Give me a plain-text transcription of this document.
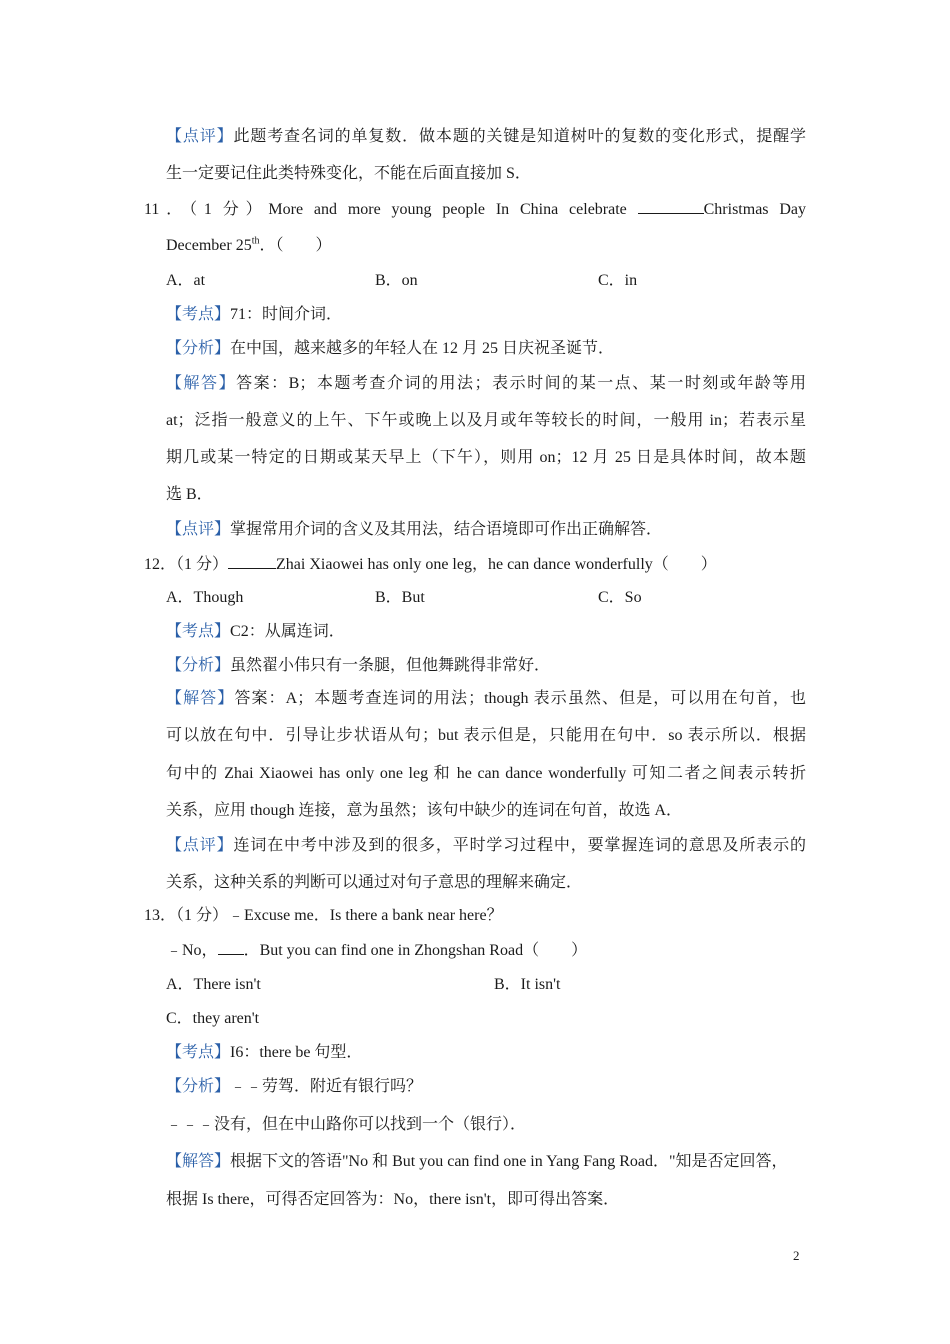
【点评】此题考查名词的单复数．做本题的关键是知道树叶的复数的变化形式，提醒学
生一定要记住此类特殊变化，不能在后面直接加 S．
11．（1 分）More and more young people In China celebrate	Christmas Day
December 25th．（　　）
A．at	B．on	C．in
【考点】71：时间介词．
【分析】在中国，越来越多的年轻人在 12 月 25 日庆祝圣诞节．
【解答】答案：B；本题考查介词的用法；表示时间的某一点、某一时刻或年龄等用
at；泛指一般意义的上午、下午或晚上以及月或年等较长的时间，一般用 in；若表示星
期几或某一特定的日期或某天早上（下午），则用 on；12 月 25 日是具体时间，故本题
选 B．
【点评】掌握常用介词的含义及其用法，结合语境即可作出正确解答．
12．（1 分）	Zhai Xiaowei has only one leg，he can dance wonderfully（　　）
A．Though	B．But	C．So
【考点】C2：从属连词．
【分析】虽然翟小伟只有一条腿，但他舞跳得非常好．
【解答】答案：A；本题考查连词的用法；though 表示虽然、但是，可以用在句首，也
可以放在句中．引导让步状语从句；but 表示但是，只能用在句中．so 表示所以．根据
句中的 Zhai Xiaowei has only one leg 和 he can dance wonderfully 可知二者之间表示转折
关系，应用 though 连接，意为虽然；该句中缺少的连词在句首，故选 A．
【点评】连词在中考中涉及到的很多，平时学习过程中，要掌握连词的意思及所表示的
关系，这种关系的判断可以通过对句子意思的理解来确定．
13．（1 分）﹣Excuse me．Is there a bank near here？
﹣No， ．But you can find one in Zhongshan Road（　　）
A．There isn't	B．It isn't
C．they aren't
【考点】I6：there be 句型．
【分析】﹣﹣劳驾．附近有银行吗？
﹣﹣﹣没有，但在中山路你可以找到一个（银行）．
【解答】根据下文的答语"No 和 But you can find one in Yang Fang Road．"知是否定回答，
根据 Is there，可得否定回答为：No，there isn't，即可得出答案．
2
